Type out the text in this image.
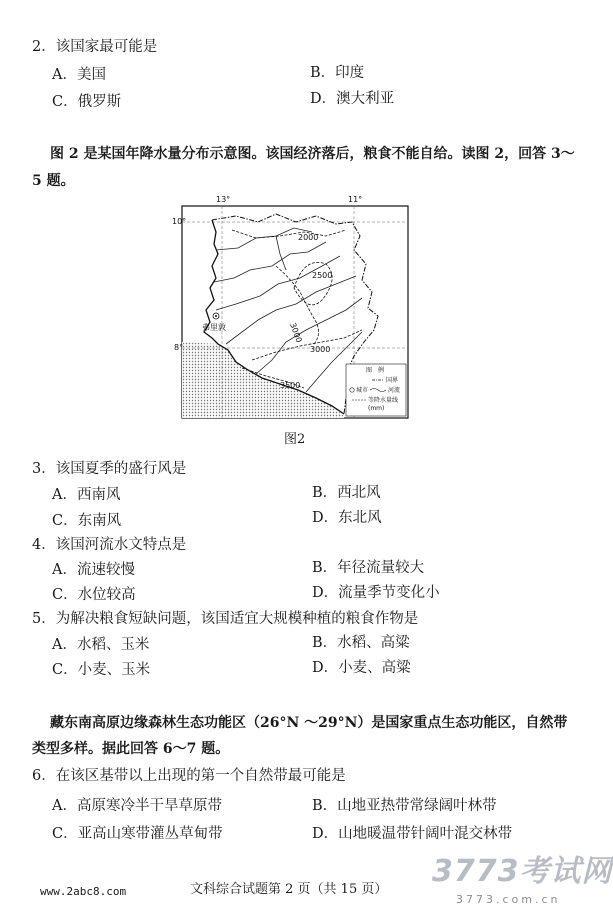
2．该国家最可能是
A．美国	B．印度
C．俄罗斯	D．澳大利亚
图 2 是某国年降水量分布示意图。该国经济落后，粮食不能自给。读图 2，回答 3～
5 题。
2000
2500
3000
3000
3500
13°	11°
10°
8°
弗里敦
图　例
国界
城市	河流
等降水量线
(mm)
图2
3．该国夏季的盛行风是
A．西南风	B．西北风
C．东南风	D．东北风
4．该国河流水文特点是
A．流速较慢	B．年径流量较大
C．水位较高	D．流量季节变化小
5．为解决粮食短缺问题，该国适宜大规模种植的粮食作物是
A．水稻、玉米	B．水稻、高粱
C．小麦、玉米	D．小麦、高粱
藏东南高原边缘森林生态功能区（26°N ～29°N）是国家重点生态功能区，自然带
类型多样。据此回答 6～7 题。
6．在该区基带以上出现的第一个自然带最可能是
A．高原寒冷半干旱草原带	B．山地亚热带常绿阔叶林带
C．亚高山寒带灌丛草甸带	D．山地暖温带针阔叶混交林带
www.2abc8.com	文科综合试题第 2 页（共 15 页）
3773考试网
3773.com.cn
